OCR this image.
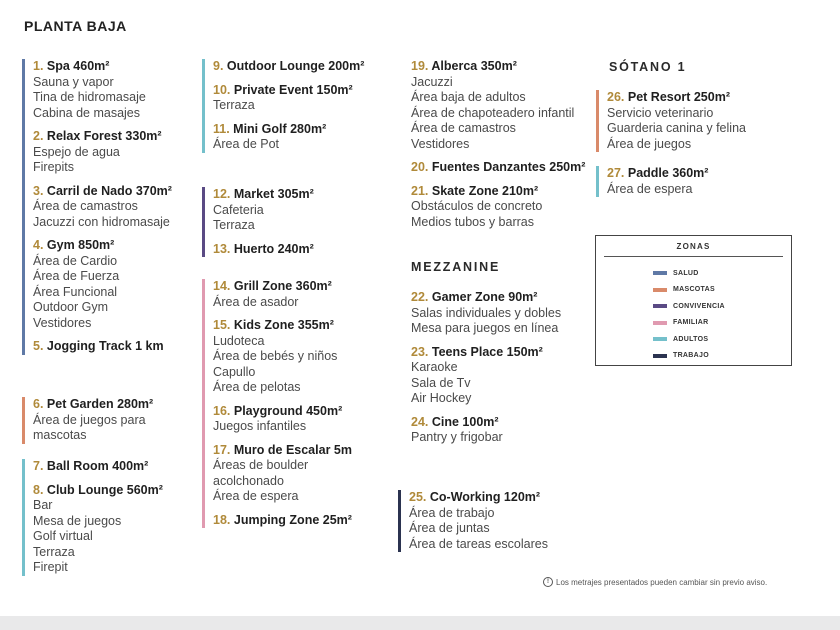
PLANTA BAJA
1. Spa 460m²
Sauna y vapor
Tina de hidromasaje
Cabina de masajes
2. Relax Forest 330m²
Espejo de agua
Firepits
3. Carril de Nado 370m²
Área de camastros
Jacuzzi con hidromasaje
4. Gym 850m²
Área de Cardio
Área de Fuerza
Área Funcional
Outdoor Gym
Vestidores
5. Jogging Track 1 km
6. Pet Garden 280m²
Área de juegos para
mascotas
7. Ball Room 400m²
8. Club Lounge 560m²
Bar
Mesa de juegos
Golf virtual
Terraza
Firepit
9. Outdoor Lounge 200m²
10. Private Event 150m²
Terraza
11. Mini Golf 280m²
Área de Pot
12. Market 305m²
Cafeteria
Terraza
13. Huerto 240m²
14. Grill Zone 360m²
Área de asador
15. Kids Zone 355m²
Ludoteca
Área de bebés y niños
Capullo
Área de pelotas
16. Playground 450m²
Juegos infantiles
17. Muro de Escalar 5m
Áreas de boulder
acolchonado
Área de espera
18. Jumping Zone 25m²
19. Alberca 350m²
Jacuzzi
Área baja de adultos
Área de chapoteadero infantil
Área de camastros
Vestidores
20. Fuentes Danzantes 250m²
21. Skate Zone 210m²
Obstáculos de concreto
Medios tubos y barras
MEZZANINE
22. Gamer Zone 90m²
Salas individuales y dobles
Mesa para juegos en línea
23. Teens Place 150m²
Karaoke
Sala de Tv
Air Hockey
24. Cine 100m²
Pantry y frigobar
25. Co-Working 120m²
Área de trabajo
Área de juntas
Área de tareas escolares
SÓTANO 1
26. Pet Resort 250m²
Servicio veterinario
Guarderia canina y felina
Área de juegos
27. Paddle 360m²
Área de espera
ZONAS
SALUD
MASCOTAS
CONVIVENCIA
FAMILIAR
ADULTOS
TRABAJO
! Los metrajes presentados pueden cambiar sin previo aviso.
